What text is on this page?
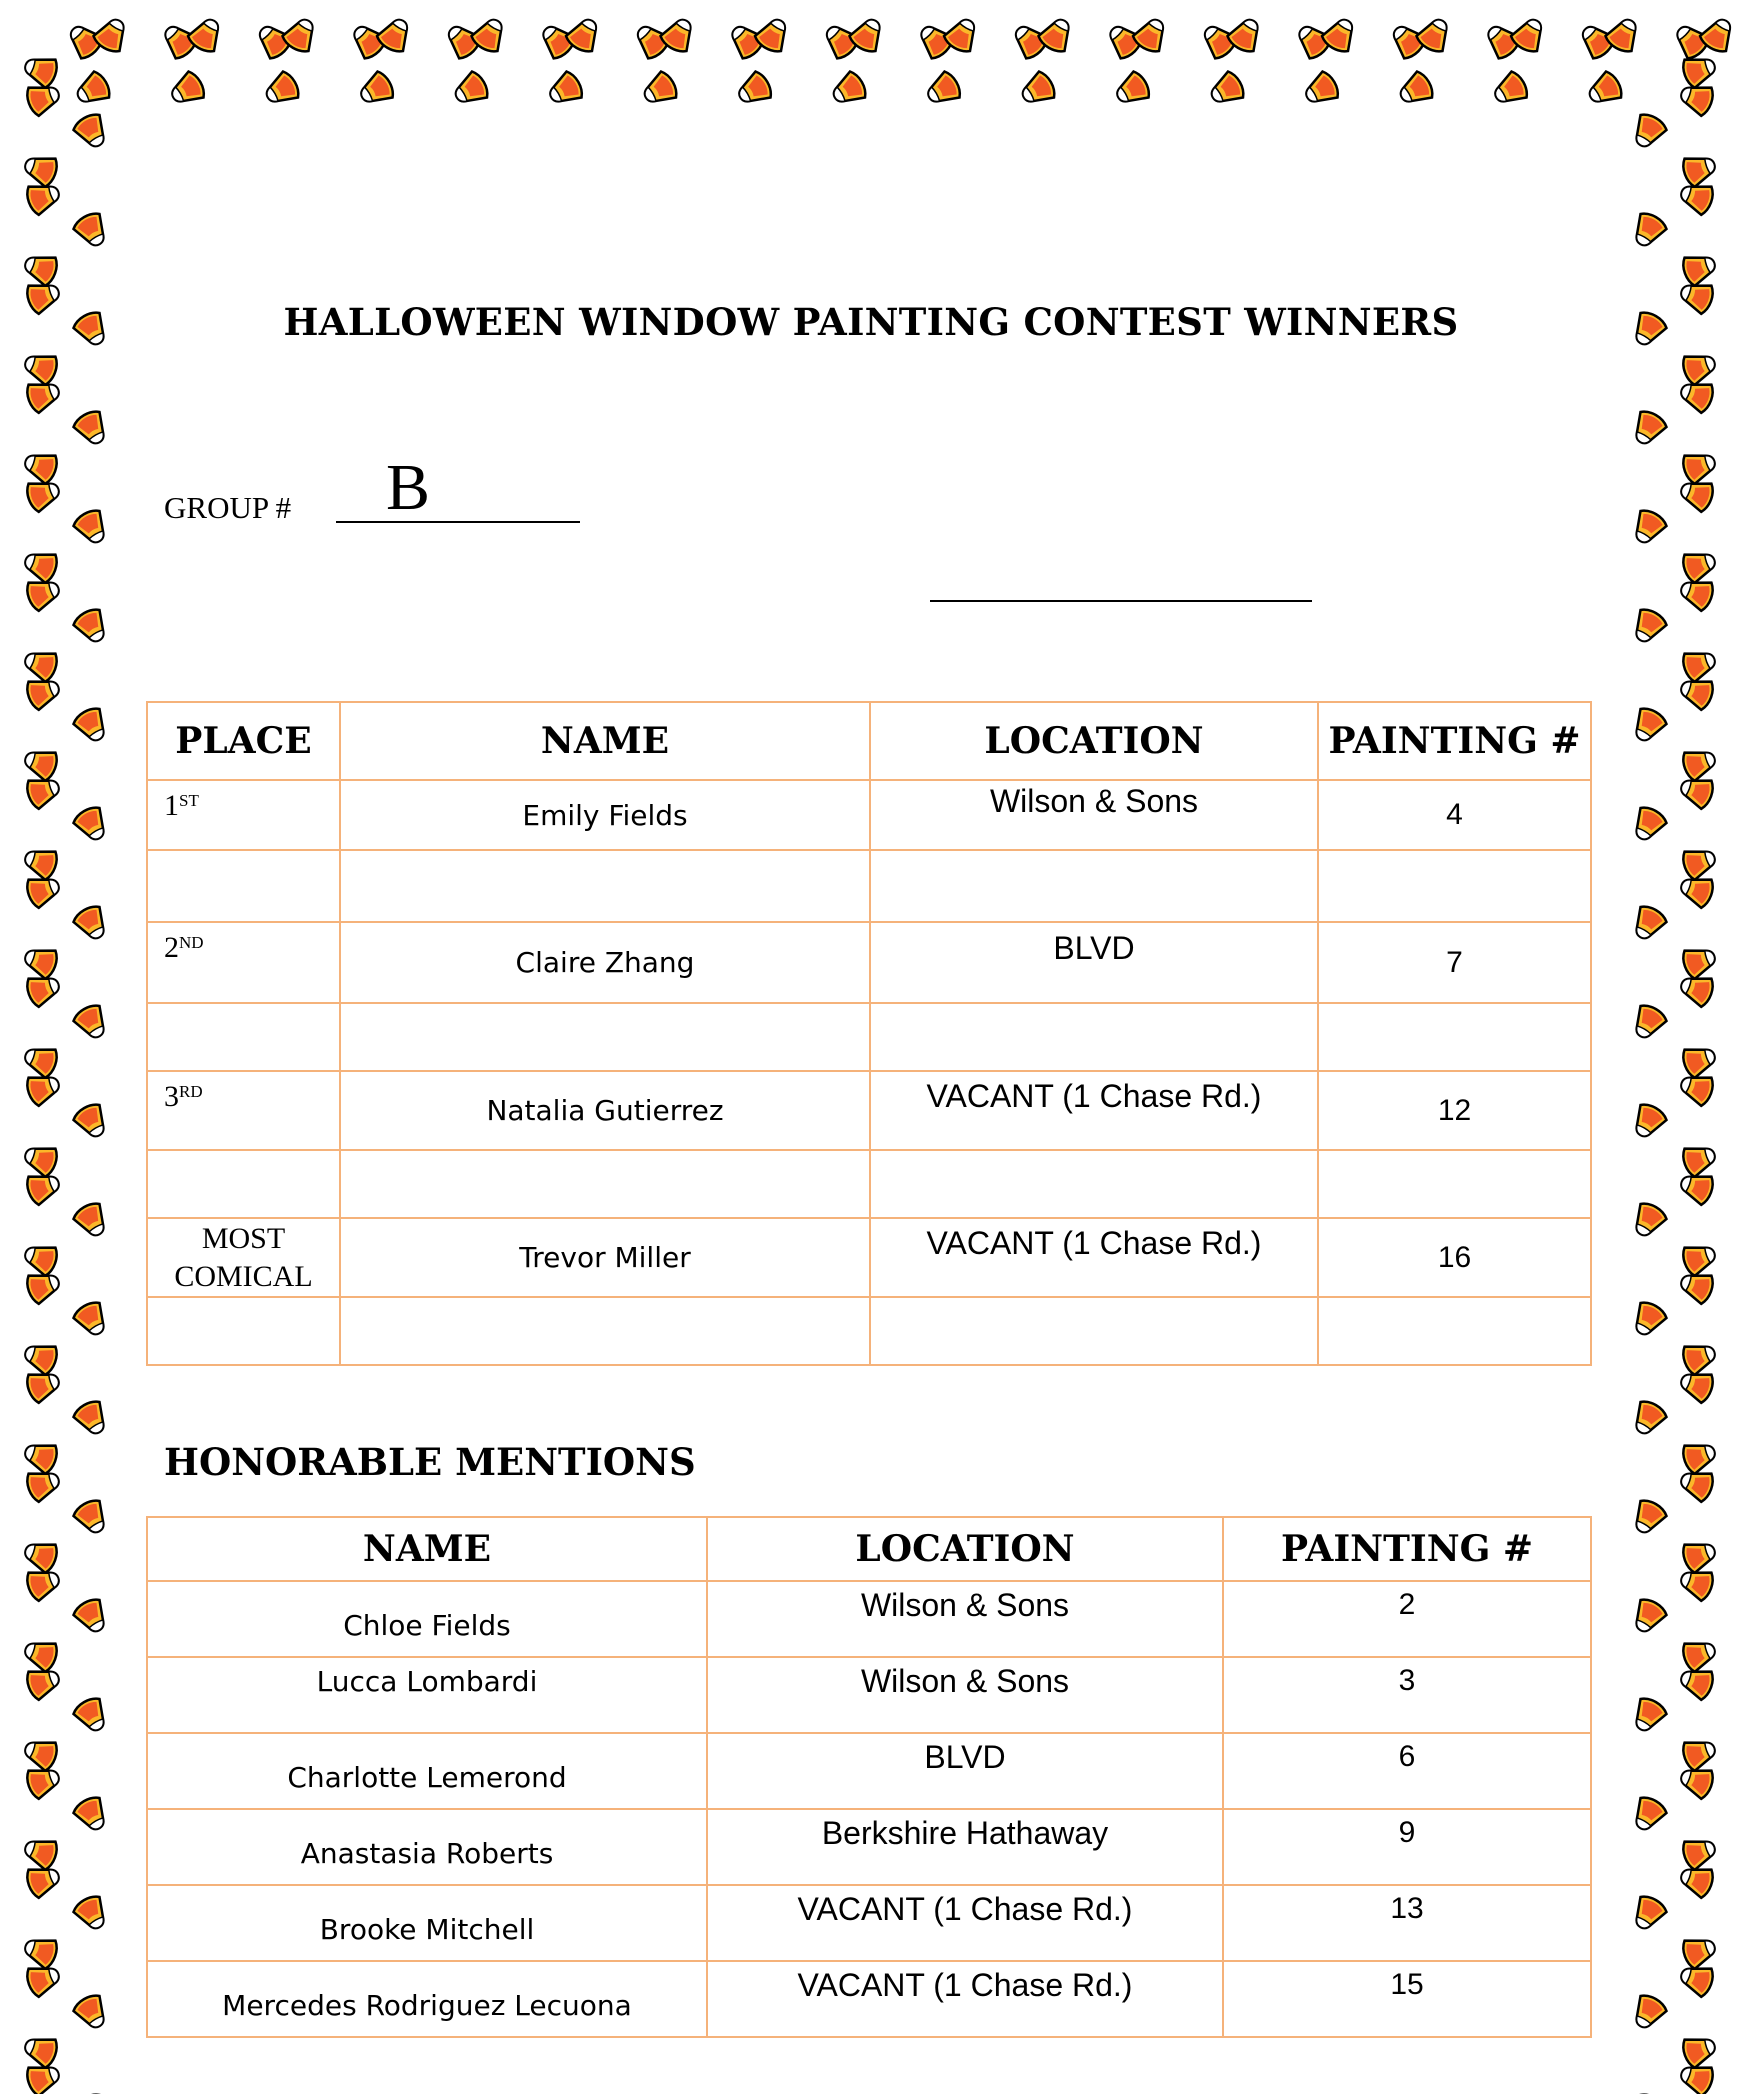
HALLOWEEN WINDOW PAINTING CONTEST WINNERS
GROUP #	B
PLACE	NAME	LOCATION	PAINTING #
1ST	Emily Fields	Wilson & Sons	4

2ND	Claire Zhang	BLVD	7

3RD	Natalia Gutierrez	VACANT (1 Chase Rd.)	12

MOST
COMICAL	Trevor Miller	VACANT (1 Chase Rd.)	16

HONORABLE MENTIONS
NAME	LOCATION	PAINTING #
Chloe Fields	Wilson & Sons	2
Lucca Lombardi	Wilson & Sons	3
Charlotte Lemerond	BLVD	6
Anastasia Roberts	Berkshire Hathaway	9
Brooke Mitchell	VACANT (1 Chase Rd.)	13
Mercedes Rodriguez Lecuona	VACANT (1 Chase Rd.)	15
